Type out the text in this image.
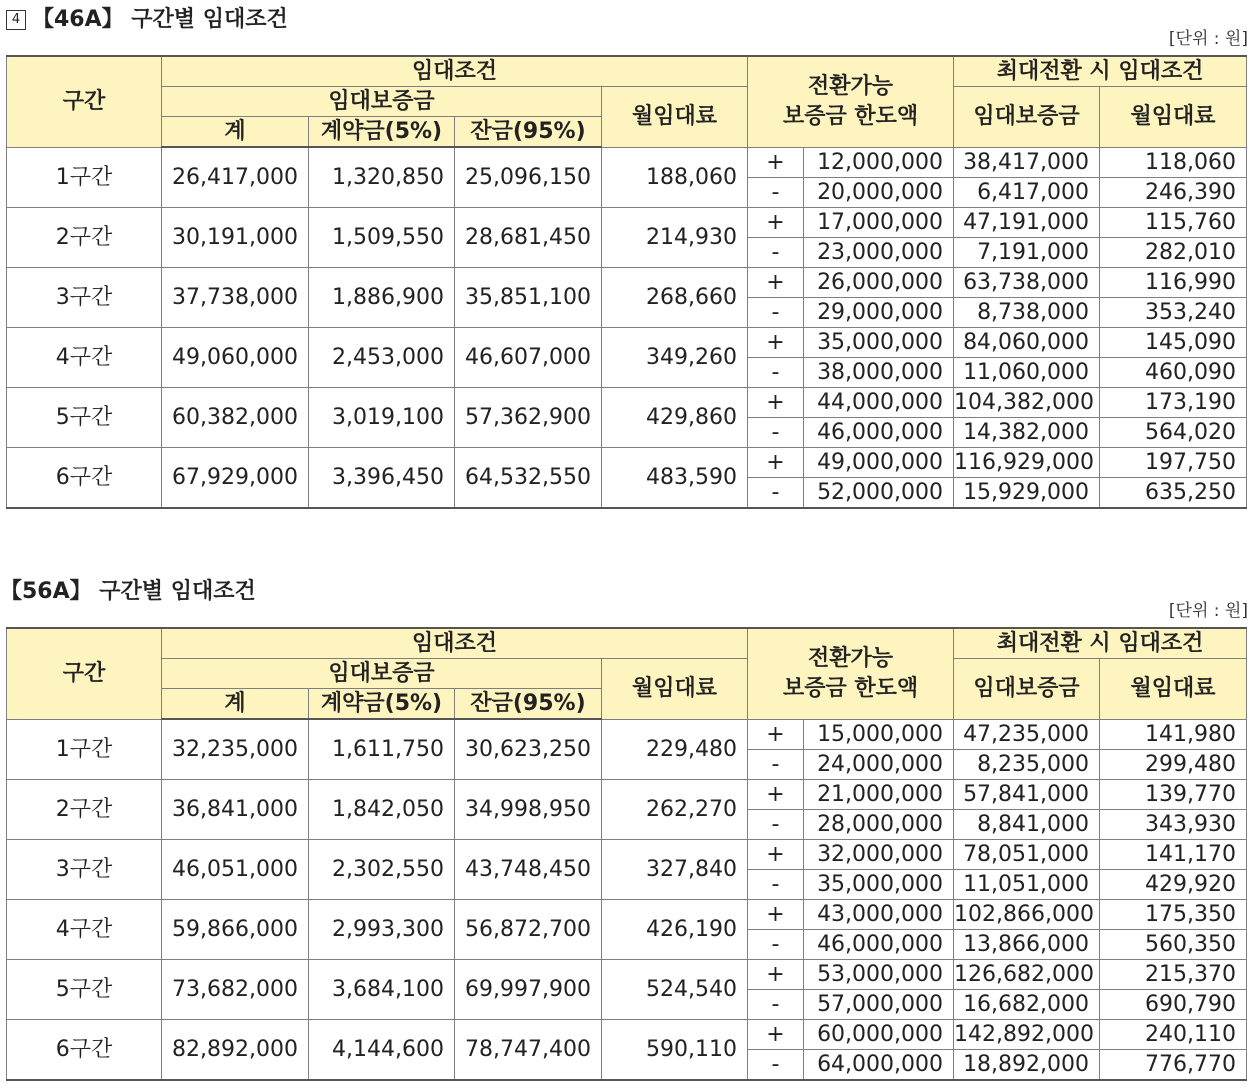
4 【46A】 구간별 임대조건
[단위 : 원]
구간	임대조건				전환가능
보증금 한도액		최대전환 시 임대조건	
	임대보증금			월임대료			임대보증금	월임대료
	계	계약금(5%)	잔금(95%)					
1구간	26,417,000	1,320,850	25,096,150	188,060	+	12,000,000	38,417,000	118,060
					-	20,000,000	6,417,000	246,390
2구간	30,191,000	1,509,550	28,681,450	214,930	+	17,000,000	47,191,000	115,760
					-	23,000,000	7,191,000	282,010
3구간	37,738,000	1,886,900	35,851,100	268,660	+	26,000,000	63,738,000	116,990
					-	29,000,000	8,738,000	353,240
4구간	49,060,000	2,453,000	46,607,000	349,260	+	35,000,000	84,060,000	145,090
					-	38,000,000	11,060,000	460,090
5구간	60,382,000	3,019,100	57,362,900	429,860	+	44,000,000	104,382,000	173,190
					-	46,000,000	14,382,000	564,020
6구간	67,929,000	3,396,450	64,532,550	483,590	+	49,000,000	116,929,000	197,750
					-	52,000,000	15,929,000	635,250
【56A】 구간별 임대조건
[단위 : 원]
구간	임대조건				전환가능
보증금 한도액		최대전환 시 임대조건	
	임대보증금			월임대료			임대보증금	월임대료
	계	계약금(5%)	잔금(95%)					
1구간	32,235,000	1,611,750	30,623,250	229,480	+	15,000,000	47,235,000	141,980
					-	24,000,000	8,235,000	299,480
2구간	36,841,000	1,842,050	34,998,950	262,270	+	21,000,000	57,841,000	139,770
					-	28,000,000	8,841,000	343,930
3구간	46,051,000	2,302,550	43,748,450	327,840	+	32,000,000	78,051,000	141,170
					-	35,000,000	11,051,000	429,920
4구간	59,866,000	2,993,300	56,872,700	426,190	+	43,000,000	102,866,000	175,350
					-	46,000,000	13,866,000	560,350
5구간	73,682,000	3,684,100	69,997,900	524,540	+	53,000,000	126,682,000	215,370
					-	57,000,000	16,682,000	690,790
6구간	82,892,000	4,144,600	78,747,400	590,110	+	60,000,000	142,892,000	240,110
					-	64,000,000	18,892,000	776,770
